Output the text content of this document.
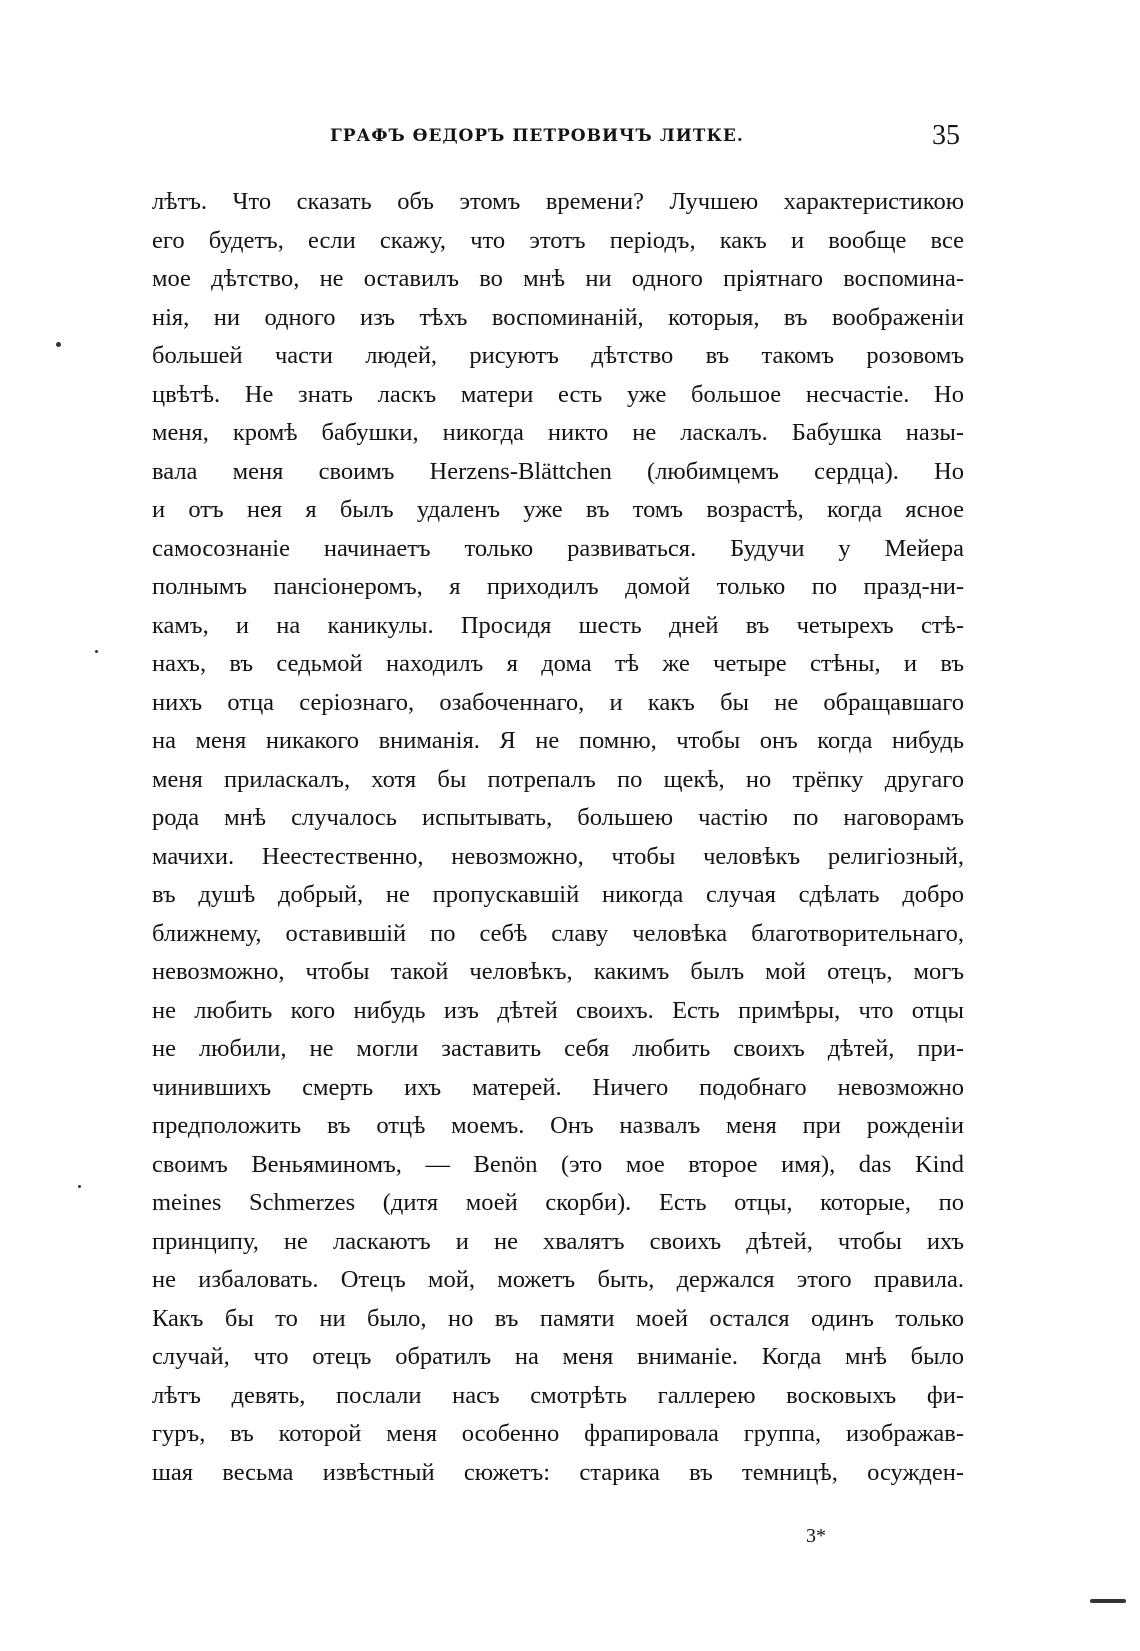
ГРАФЪ ѲЕДОРЪ ПЕТРОВИЧЪ ЛИТКЕ.	35
лѣтъ. Что сказать объ этомъ времени? Лучшею характеристикою
его будетъ, если скажу, что этотъ періодъ, какъ и вообще все
мое дѣтство, не оставилъ во мнѣ ни одного пріятнаго воспомина-
нія, ни одного изъ тѣхъ воспоминаній, которыя, въ воображеніи
большей части людей, рисуютъ дѣтство въ такомъ розовомъ
цвѣтѣ. Не знать ласкъ матери есть уже большое несчастіе. Но
меня, кромѣ бабушки, никогда никто не ласкалъ. Бабушка назы-
вала меня своимъ Herzens-Blättchen (любимцемъ сердца). Но
и отъ нея я былъ удаленъ уже въ томъ возрастѣ, когда ясное
самосознаніе начинаетъ только развиваться. Будучи у Мейера
полнымъ пансіонеромъ, я приходилъ домой только по празд-ни-
камъ, и на каникулы. Просидя шесть дней въ четырехъ стѣ-
нахъ, въ седьмой находилъ я дома тѣ же четыре стѣны, и въ
нихъ отца серіознаго, озабоченнаго, и какъ бы не обращавшаго
на меня никакого вниманія. Я не помню, чтобы онъ когда нибудь
меня приласкалъ, хотя бы потрепалъ по щекѣ, но трёпку другаго
рода мнѣ случалось испытывать, большею частію по наговорамъ
мачихи. Неестественно, невозможно, чтобы человѣкъ религіозный,
въ душѣ добрый, не пропускавшій никогда случая сдѣлать добро
ближнему, оставившій по себѣ славу человѣка благотворительнаго,
невозможно, чтобы такой человѣкъ, какимъ былъ мой отецъ, могъ
не любить кого нибудь изъ дѣтей своихъ. Есть примѣры, что отцы
не любили, не могли заставить себя любить своихъ дѣтей, при-
чинившихъ смерть ихъ матерей. Ничего подобнаго невозможно
предположить въ отцѣ моемъ. Онъ назвалъ меня при рожденіи
своимъ Веньяминомъ, — Benön (это мое второе имя), das Kind
meines Schmerzes (дитя моей скорби). Есть отцы, которые, по
принципу, не ласкаютъ и не хвалятъ своихъ дѣтей, чтобы ихъ
не избаловать. Отецъ мой, можетъ быть, держался этого правила.
Какъ бы то ни было, но въ памяти моей остался одинъ только
случай, что отецъ обратилъ на меня вниманіе. Когда мнѣ было
лѣтъ девять, послали насъ смотрѣть галлерею восковыхъ фи-
гуръ, въ которой меня особенно фрапировала группа, изображав-
шая весьма извѣстный сюжетъ: старика въ темницѣ, осужден-
3*
